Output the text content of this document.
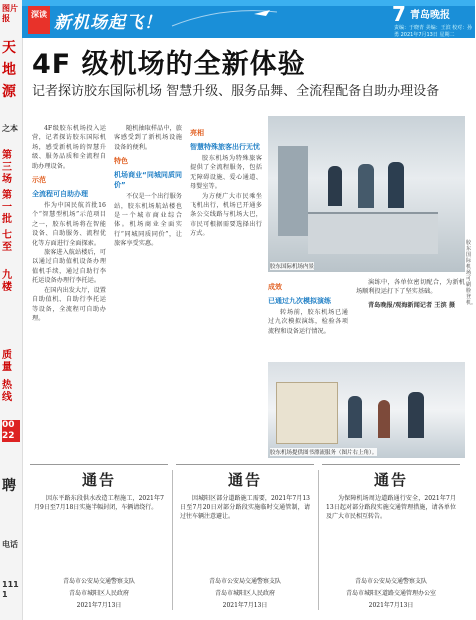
图片报
天
地
源
之本
第三场
第一批
七至
九楼
质量
热线
0022
聘
电话
1111
深读 新机场起飞！	7 青岛晚报
责编：于晓青 美编：王滨 校对：孙勇 2021年7月13日 星期二
4F 级机场的全新体验
记者探访胶东国际机场 智慧升级、服务品舞、全流程配备自助办理设备
胶东国际机场内景
胶东国际机场可刷脸登机。
4F级胶东机场投入运营，记者探访胶东国际机场，感受新机场的智慧升级、服务品质和全流程自助办理设备。
示范
全流程可自助办理
作为中国民航首批16个“智慧型机场”示范项目之一，胶东机场将在智能设备、自助服务、流程优化等方面进行全面探索。
旅客进入航站楼后，可以通过自助值机设备办理值机手续，通过自助行李托运设备办理行李托运。
在国内出发大厅，设置自助值机、自助行李托运等设备，全流程可自助办理。
随机抽取样品中，旅客感受到了新机场设施设备的便利。
特色
机场商业“同城同质同价”
不仅是一个出行服务站，胶东机场航站楼也是一个城市商业综合体。机场商业全面实行“同城同质同价”，让旅客享受实惠。
亮相
智慧特殊旅客出行无忧
胶东机场为特殊旅客提供了全流程服务，包括无障碍设施、爱心通道、母婴室等。
为方便广大市民乘坐飞机出行，机场已开通多条公交线路与机场大巴，市民可根据需要选择出行方式。
成效
已通过九次模拟演练
转场前，胶东机场已通过九次模拟演练，检验各项流程和设备运行情况。
演练中，各单位密切配合，为新机场顺利投运打下了坚实基础。
青岛晚报/观海新闻记者 王滨 摄
胶东机场提供图书漂流服务（图片右上角）。
通告
因东平路东段供水改造工程施工，2021年7月9日至7月18日实施半幅封闭，车辆请绕行。
青岛市公安局交通警察支队
青岛市城阳区人民政府
2021年7月13日
通告
因城阳区部分道路施工需要，2021年7月13日至7月20日对部分路段实施临时交通管制，请过往车辆注意避让。
青岛市公安局交通警察支队
青岛市城阳区人民政府
2021年7月13日
通告
为保障机场周边道路通行安全，2021年7月13日起对部分路段实施交通管理措施，请各单位及广大市民相互转告。
青岛市公安局交通警察支队
青岛市城阳区道路交通管理办公室
2021年7月13日
